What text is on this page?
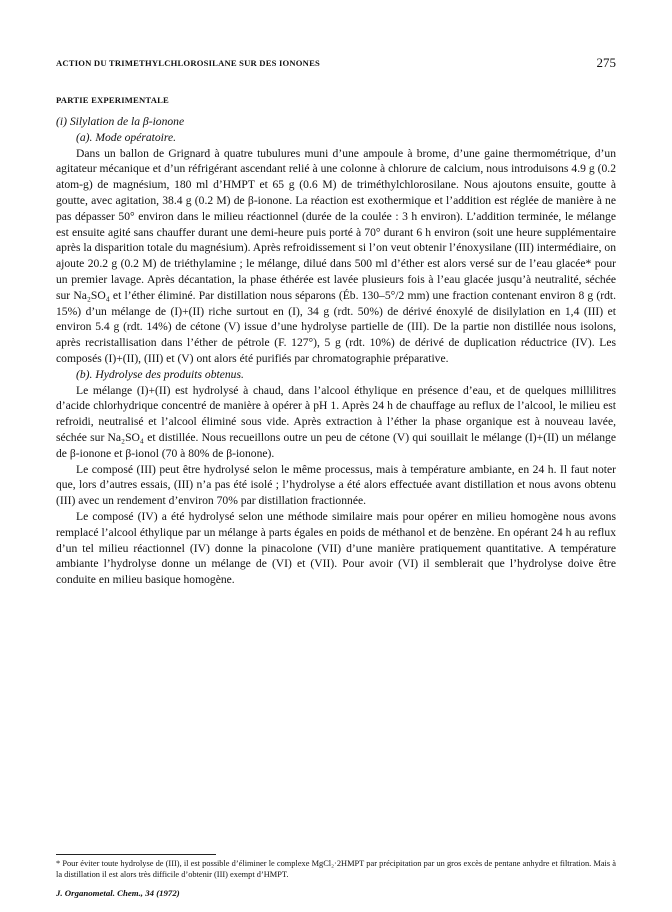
ACTION DU TRIMETHYLCHLOROSILANE SUR DES IONONES	275
PARTIE EXPERIMENTALE

(i) Silylation de la β-ionone

(a). Mode opératoire.

Dans un ballon de Grignard à quatre tubulures muni d’une ampoule à brome, d’une gaine thermométrique, d’un agitateur mécanique et d’un réfrigérant ascendant relié à une colonne à chlorure de calcium, nous introduisons 4.9 g (0.2 atom-g) de magnésium, 180 ml d’HMPT et 65 g (0.6 M) de triméthylchlorosilane. Nous ajoutons ensuite, goutte à goutte, avec agitation, 38.4 g (0.2 M) de β-ionone. La réaction est exothermique et l’addition est réglée de manière à ne pas dépasser 50° environ dans le milieu réactionnel (durée de la coulée : 3 h environ). L’addition terminée, le mélange est ensuite agité sans chauffer durant une demi-heure puis porté à 70° durant 6 h environ (soit une heure supplémentaire après la disparition totale du magnésium). Après refroidissement si l’on veut obtenir l’énoxysilane (III) intermédiaire, on ajoute 20.2 g (0.2 M) de triéthylamine ; le mélange, dilué dans 500 ml d’éther est alors versé sur de l’eau glacée* pour un premier lavage. Après décantation, la phase éthérée est lavée plusieurs fois à l’eau glacée jusqu’à neutralité, séchée sur Na₂SO₄ et l’éther éliminé. Par distillation nous séparons (Éb. 130–5°/2 mm) une fraction contenant environ 8 g (rdt. 15%) d’un mélange de (I)+(II) riche surtout en (I), 34 g (rdt. 50%) de dérivé énoxylé de disilylation en 1,4 (III) et environ 5.4 g (rdt. 14%) de cétone (V) issue d’une hydrolyse partielle de (III). De la partie non distillée nous isolons, après recristallisation dans l’éther de pétrole (F. 127°), 5 g (rdt. 10%) de dérivé de duplication réductrice (IV). Les composés (I)+(II), (III) et (V) ont alors été purifiés par chromatographie préparative.

(b). Hydrolyse des produits obtenus.

Le mélange (I)+(II) est hydrolysé à chaud, dans l’alcool éthylique en présence d’eau, et de quelques millilitres d’acide chlorhydrique concentré de manière à opérer à pH 1. Après 24 h de chauffage au reflux de l’alcool, le milieu est refroidi, neutralisé et l’alcool éliminé sous vide. Après extraction à l’éther la phase organique est à nouveau lavée, séchée sur Na₂SO₄ et distillée. Nous recueillons outre un peu de cétone (V) qui souillait le mélange (I)+(II) un mélange de β-ionone et β-ionol (70 à 80% de β-ionone).

Le composé (III) peut être hydrolysé selon le même processus, mais à température ambiante, en 24 h. Il faut noter que, lors d’autres essais, (III) n’a pas été isolé ; l’hydrolyse a été alors effectuée avant distillation et nous avons obtenu (III) avec un rendement d’environ 70% par distillation fractionnée.

Le composé (IV) a été hydrolysé selon une méthode similaire mais pour opérer en milieu homogène nous avons remplacé l’alcool éthylique par un mélange à parts égales en poids de méthanol et de benzène. En opérant 24 h au reflux d’un tel milieu réactionnel (IV) donne la pinacolone (VII) d’une manière pratiquement quantitative. A température ambiante l’hydrolyse donne un mélange de (VI) et (VII). Pour avoir (VI) il semblerait que l’hydrolyse doive être conduite en milieu basique homogène.

* Pour éviter toute hydrolyse de (III), il est possible d’éliminer le complexe MgCl₂·2HMPT par précipitation par un gros excès de pentane anhydre et filtration. Mais à la distillation il est alors très difficile d’obtenir (III) exempt d’HMPT.
J. Organometal. Chem., 34 (1972)
